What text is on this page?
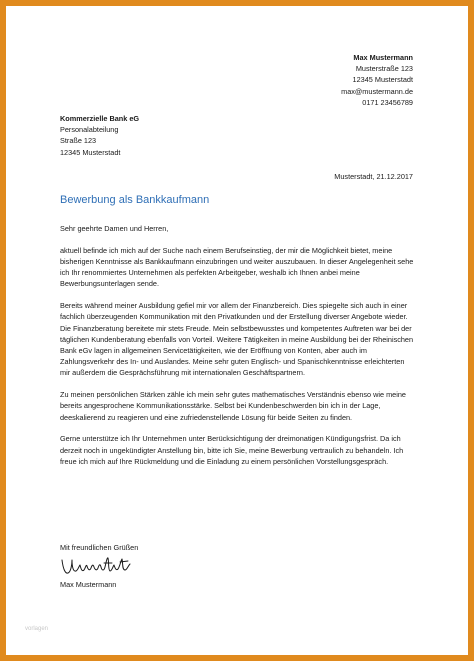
Max Mustermann
Musterstraße 123
12345 Musterstadt
max@mustermann.de
0171 23456789
Kommerzielle Bank eG
Personalabteilung
Straße 123
12345 Musterstadt
Musterstadt, 21.12.2017
Bewerbung als Bankkaufmann

Sehr geehrte Damen und Herren,

aktuell befinde ich mich auf der Suche nach einem Berufseinstieg, der mir die Möglichkeit bietet, meine bisherigen Kenntnisse als Bankkaufmann einzubringen und weiter auszubauen. In dieser Angelegenheit sehe ich Ihr renommiertes Unternehmen als perfekten Arbeitgeber, weshalb ich Ihnen anbei meine Bewerbungsunterlagen sende.

Bereits während meiner Ausbildung gefiel mir vor allem der Finanzbereich. Dies spiegelte sich auch in einer fachlich überzeugenden Kommunikation mit den Privatkunden und der Erstellung diverser Angebote wieder. Die Finanzberatung bereitete mir stets Freude. Mein selbstbewusstes und kompetentes Auftreten war bei der täglichen Kundenberatung ebenfalls von Vorteil. Weitere Tätigkeiten in meine Ausbildung bei der Rheinischen Bank eGv lagen in allgemeinen Servicetätigkeiten, wie der Eröffnung von Konten, aber auch im Zahlungsverkehr des In- und Auslandes. Meine sehr guten Englisch- und Spanischkenntnisse erleichterten mir außerdem die Gesprächsführung mit internationalen Geschäftspartnern.

Zu meinen persönlichen Stärken zähle ich mein sehr gutes mathematisches Verständnis ebenso wie meine bereits angesprochene Kommunikationsstärke. Selbst bei Kundenbeschwerden bin ich in der Lage, deeskalierend zu reagieren und eine zufriedenstellende Lösung für beide Seiten zu finden.

Gerne unterstütze ich Ihr Unternehmen unter Berücksichtigung der dreimonatigen Kündigungsfrist. Da ich derzeit noch in ungekündigter Anstellung bin, bitte ich Sie, meine Bewerbung vertraulich zu behandeln. Ich freue ich mich auf Ihre Rückmeldung und die Einladung zu einem persönlichen Vorstellungsgespräch.

Mit freundlichen Grüßen
Max Mustermann
vorlagen
